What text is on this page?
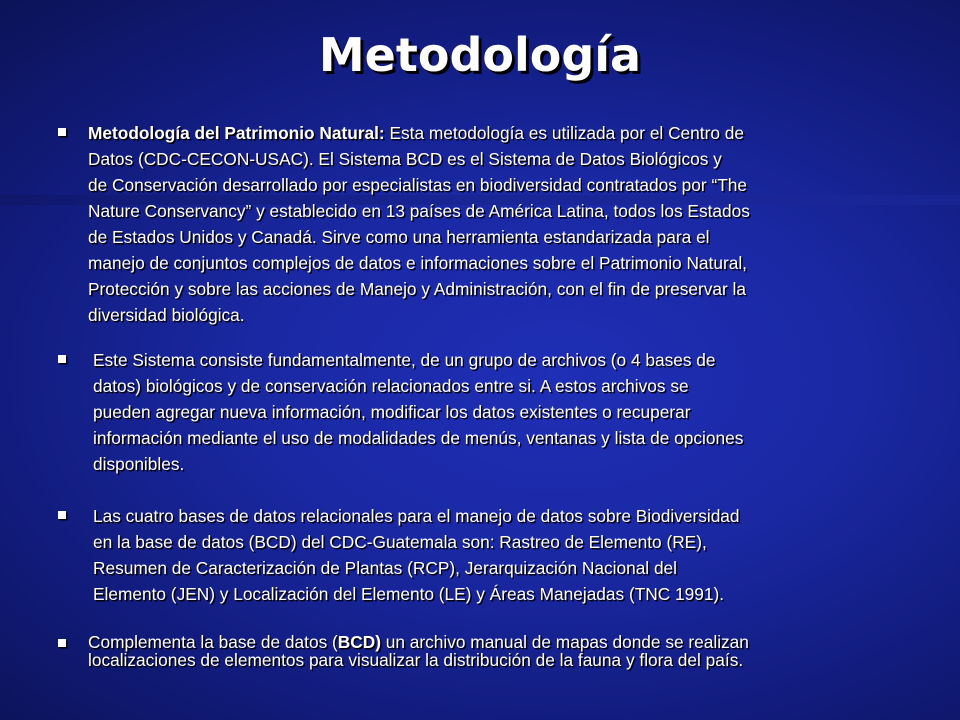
Metodología
Metodología del Patrimonio Natural: Esta metodología es utilizada por el Centro de
Datos (CDC-CECON-USAC). El Sistema BCD es el Sistema de Datos Biológicos y
de Conservación desarrollado por especialistas en biodiversidad contratados por “The
Nature Conservancy” y establecido en 13 países de América Latina, todos los Estados
de Estados Unidos y Canadá. Sirve como una herramienta estandarizada para el
manejo de conjuntos complejos de datos e informaciones sobre el Patrimonio Natural,
Protección y sobre las acciones de Manejo y Administración, con el fin de preservar la
diversidad biológica.
Este Sistema consiste fundamentalmente, de un grupo de archivos (o 4 bases de
datos) biológicos y de conservación relacionados entre si. A estos archivos se
pueden agregar nueva información, modificar los datos existentes o recuperar
información mediante el uso de modalidades de menús, ventanas y lista de opciones
disponibles.
Las cuatro bases de datos relacionales para el manejo de datos sobre Biodiversidad
en la base de datos (BCD) del CDC-Guatemala son: Rastreo de Elemento (RE),
Resumen de Caracterización de Plantas (RCP), Jerarquización Nacional del
Elemento (JEN) y Localización del Elemento (LE) y Áreas Manejadas (TNC 1991).
Complementa la base de datos (BCD) un archivo manual de mapas donde se realizan
localizaciones de elementos para visualizar la distribución de la fauna y flora del país.
